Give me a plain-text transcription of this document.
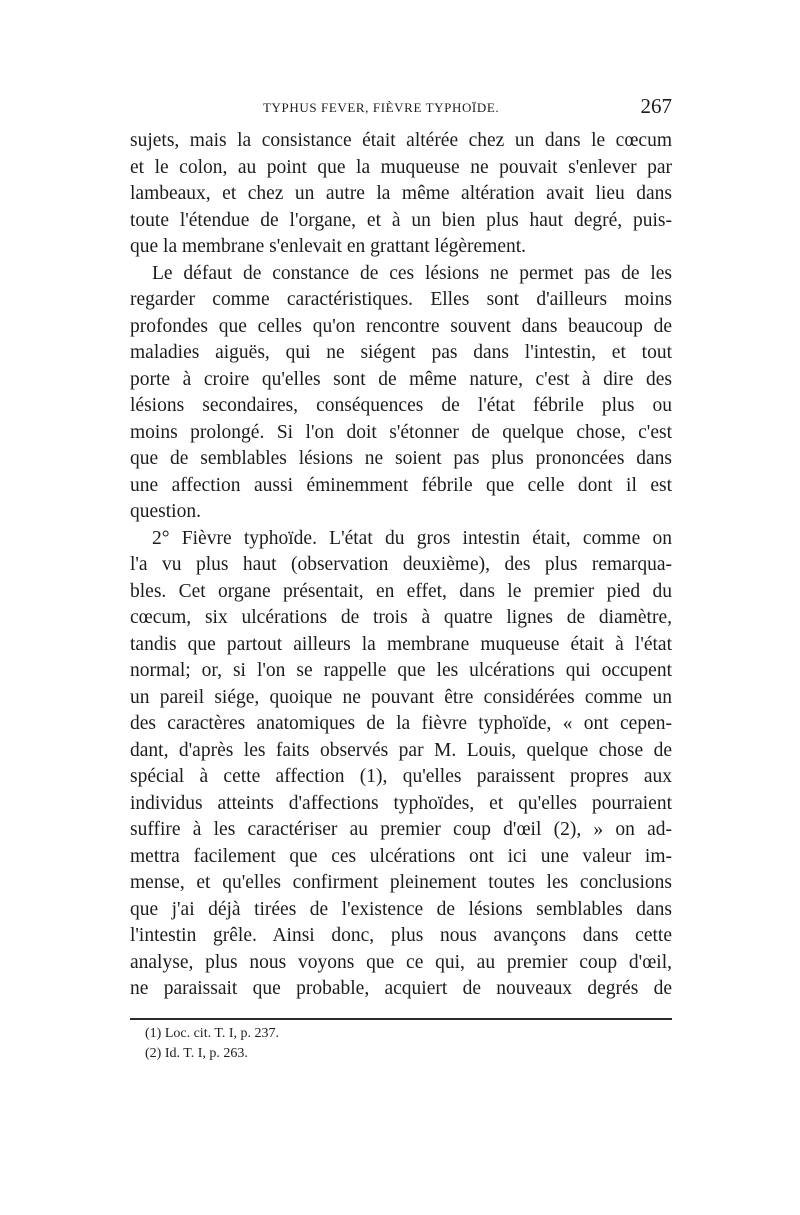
TYPHUS FEVER, FIÈVRE TYPHOÏDE.	267
sujets, mais la consistance était altérée chez un dans le cœcum
et le colon, au point que la muqueuse ne pouvait s'enlever par
lambeaux, et chez un autre la même altération avait lieu dans
toute l'étendue de l'organe, et à un bien plus haut degré, puis-
que la membrane s'enlevait en grattant légèrement.
Le défaut de constance de ces lésions ne permet pas de les
regarder comme caractéristiques. Elles sont d'ailleurs moins
profondes que celles qu'on rencontre souvent dans beaucoup de
maladies aiguës, qui ne siégent pas dans l'intestin, et tout
porte à croire qu'elles sont de même nature, c'est à dire des
lésions secondaires, conséquences de l'état fébrile plus ou
moins prolongé. Si l'on doit s'étonner de quelque chose, c'est
que de semblables lésions ne soient pas plus prononcées dans
une affection aussi éminemment fébrile que celle dont il est
question.
2° Fièvre typhoïde. L'état du gros intestin était, comme on
l'a vu plus haut (observation deuxième), des plus remarqua-
bles. Cet organe présentait, en effet, dans le premier pied du
cœcum, six ulcérations de trois à quatre lignes de diamètre,
tandis que partout ailleurs la membrane muqueuse était à l'état
normal; or, si l'on se rappelle que les ulcérations qui occupent
un pareil siége, quoique ne pouvant être considérées comme un
des caractères anatomiques de la fièvre typhoïde, « ont cepen-
dant, d'après les faits observés par M. Louis, quelque chose de
spécial à cette affection (1), qu'elles paraissent propres aux
individus atteints d'affections typhoïdes, et qu'elles pourraient
suffire à les caractériser au premier coup d'œil (2), » on ad-
mettra facilement que ces ulcérations ont ici une valeur im-
mense, et qu'elles confirment pleinement toutes les conclusions
que j'ai déjà tirées de l'existence de lésions semblables dans
l'intestin grêle. Ainsi donc, plus nous avançons dans cette
analyse, plus nous voyons que ce qui, au premier coup d'œil,
ne paraissait que probable, acquiert de nouveaux degrés de
(1) Loc. cit. T. I, p. 237.
(2) Id. T. I, p. 263.
